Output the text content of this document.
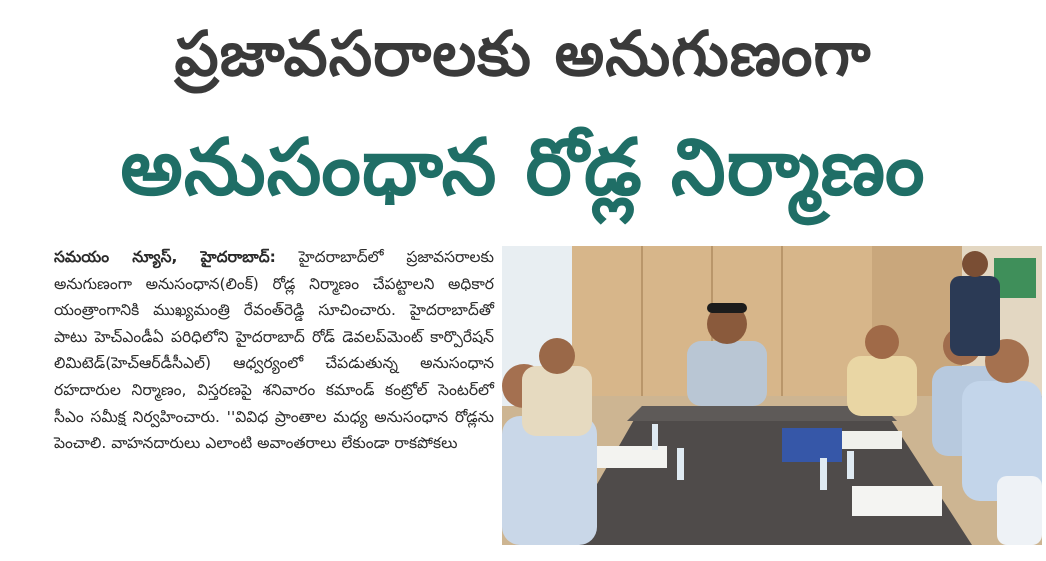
ప్రజావసరాలకు అనుగుణంగా
అనుసంధాన రోడ్ల నిర్మాణం

సమయం న్యూస్, హైదరాబాద్: హైదరాబాద్‌లో ప్రజావసరాలకు అనుగుణంగా అనుసంధాన(లింక్) రోడ్ల నిర్మాణం చేపట్టాలని అధికార యంత్రాంగానికి ముఖ్యమంత్రి రేవంత్‌రెడ్డి సూచించారు. హైదరాబాద్‌తో పాటు హెచ్‌ఎండీఏ పరిధిలోని హైదరాబాద్ రోడ్ డెవలప్‌మెంట్ కార్పొరేషన్ లిమిటెడ్(హెచ్‌ఆర్‌డీసీఎల్) ఆధ్వర్యంలో చేపడుతున్న అనుసంధాన రహదారుల నిర్మాణం, విస్తరణపై శనివారం కమాండ్ కంట్రోల్ సెంటర్‌లో సీఎం సమీక్ష నిర్వహించారు. ''వివిధ ప్రాంతాల మధ్య అనుసంధాన రోడ్లను పెంచాలి. వాహనదారులు ఎలాంటి అవాంతరాలు లేకుండా రాకపోకలు
